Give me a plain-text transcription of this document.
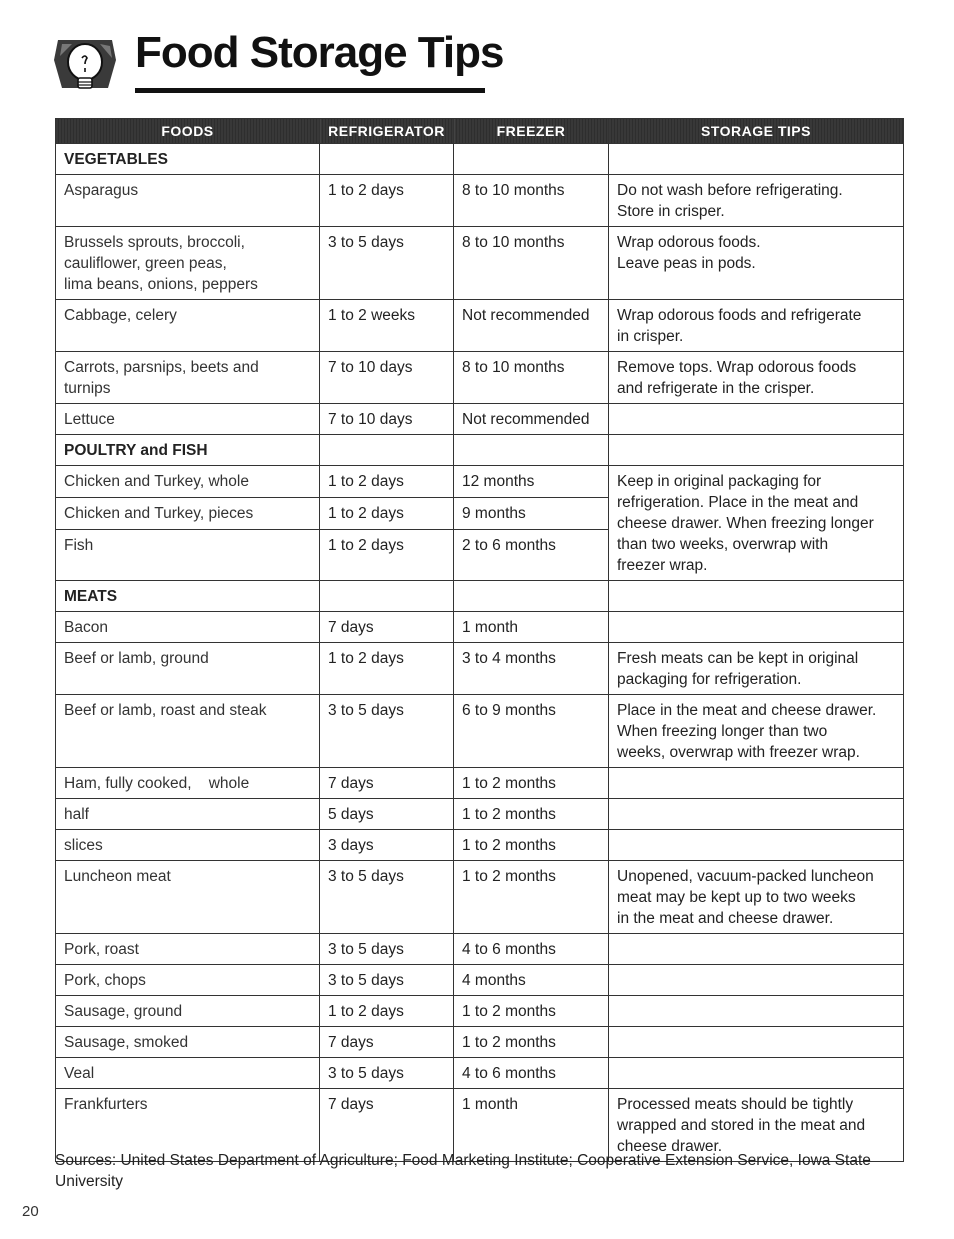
Food Storage Tips
FOODS	REFRIGERATOR	FREEZER	STORAGE TIPS
VEGETABLES			
Asparagus	1 to 2 days	8 to 10 months	Do not wash before refrigerating.
Store in crisper.
Brussels sprouts, broccoli,
cauliflower, green peas,
lima beans, onions, peppers	3 to 5 days	8 to 10 months	Wrap odorous foods.
Leave peas in pods.
Cabbage, celery	1 to 2 weeks	Not recommended	Wrap odorous foods and refrigerate
in crisper.
Carrots, parsnips, beets and
turnips	7 to 10 days	8 to 10 months	Remove tops. Wrap odorous foods
and refrigerate in the crisper.
Lettuce	7 to 10 days	Not recommended	
POULTRY and FISH			
Chicken and Turkey, whole	1 to 2 days	12 months	Keep in original packaging for
refrigeration. Place in the meat and
cheese drawer. When freezing longer
than two weeks, overwrap with
freezer wrap.
Chicken and Turkey, pieces	1 to 2 days	9 months	
Fish	1 to 2 days	2 to 6 months	
MEATS			
Bacon	7 days	1 month	
Beef or lamb, ground	1 to 2 days	3 to 4 months	Fresh meats can be kept in original
packaging for refrigeration.
Beef or lamb, roast and steak	3 to 5 days	6 to 9 months	Place in the meat and cheese drawer.
When freezing longer than two
weeks, overwrap with freezer wrap.
Ham, fully cooked, whole	7 days	1 to 2 months	
half	5 days	1 to 2 months	
slices	3 days	1 to 2 months	
Luncheon meat	3 to 5 days	1 to 2 months	Unopened, vacuum-packed luncheon
meat may be kept up to two weeks
in the meat and cheese drawer.
Pork, roast	3 to 5 days	4 to 6 months	
Pork, chops	3 to 5 days	4 months	
Sausage, ground	1 to 2 days	1 to 2 months	
Sausage, smoked	7 days	1 to 2 months	
Veal	3 to 5 days	4 to 6 months	
Frankfurters	7 days	1 month	Processed meats should be tightly
wrapped and stored in the meat and
cheese drawer.

Sources: United States Department of Agriculture; Food Marketing Institute; Cooperative Extension Service, Iowa State University

20
